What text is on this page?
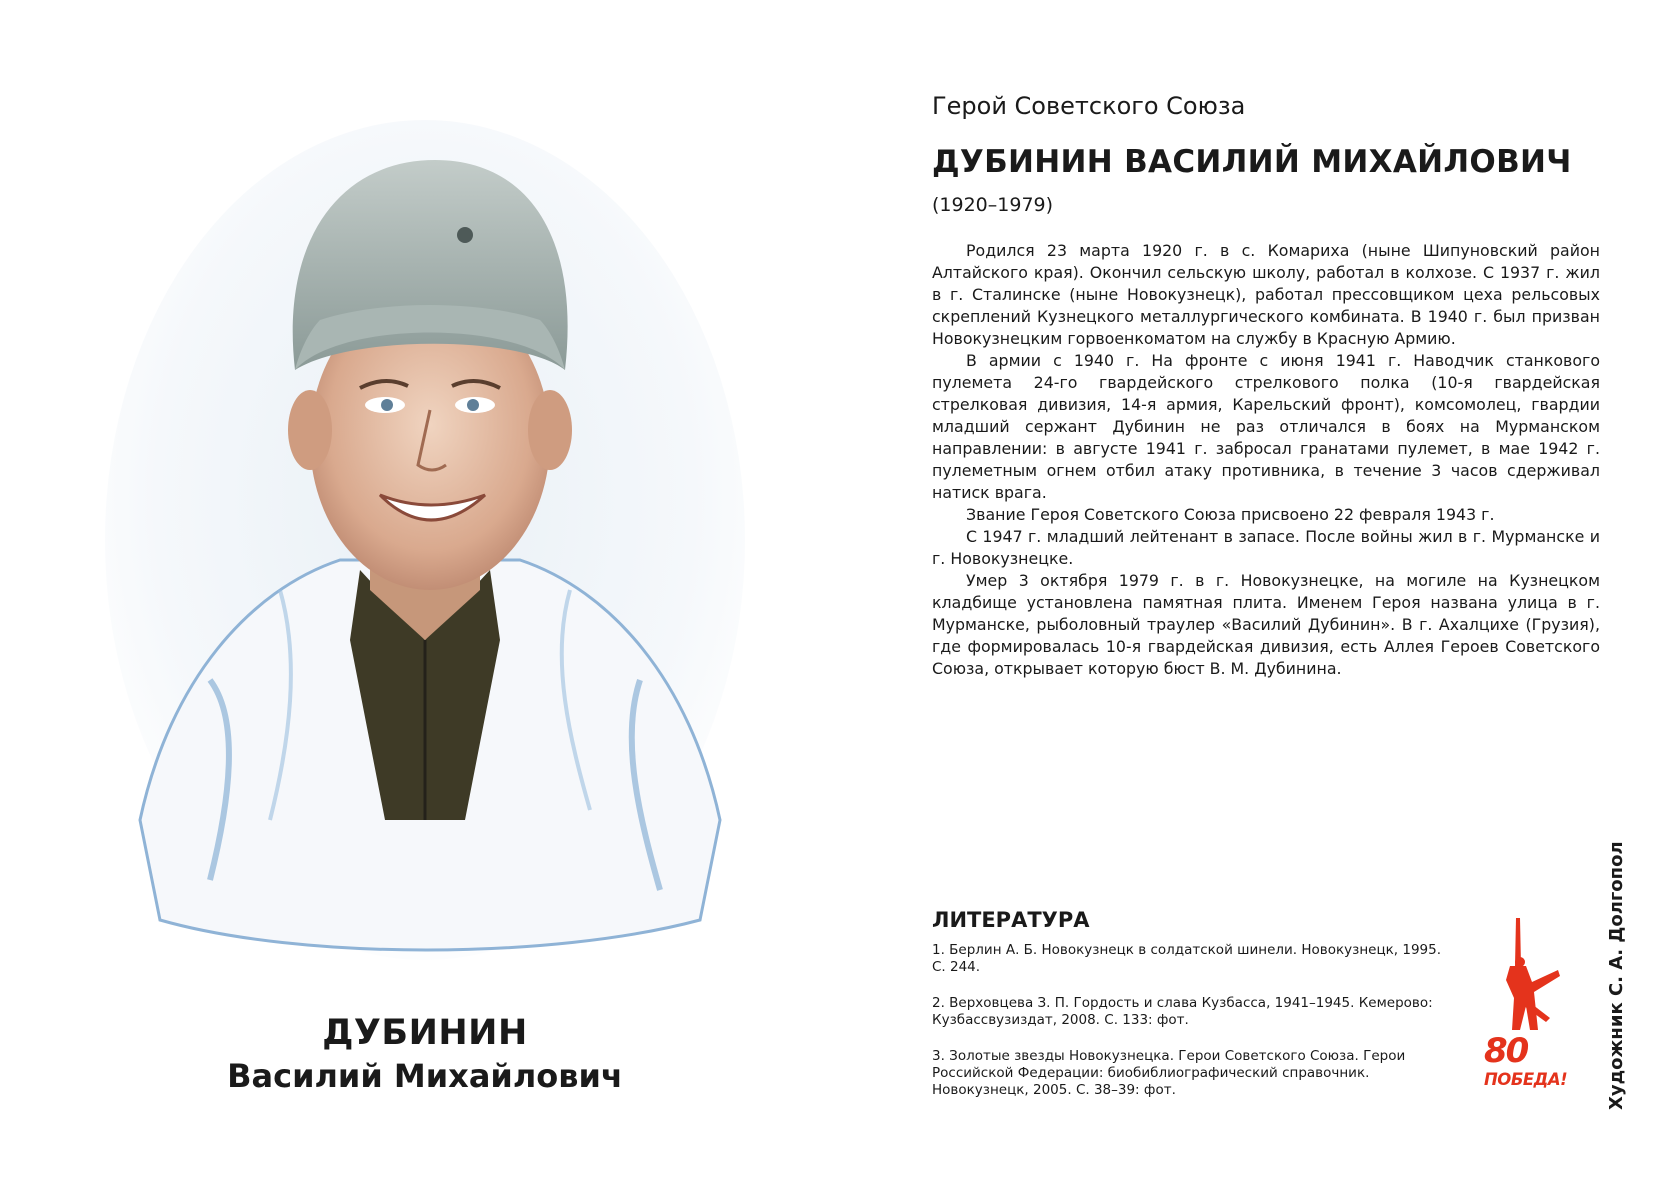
ДУБИНИН
Василий Михайлович
Герой Советского Союза
ДУБИНИН ВАСИЛИЙ МИХАЙЛОВИЧ
(1920–1979)

Родился 23 марта 1920 г. в с. Комариха (ныне Шипуновский район Алтайского края). Окончил сельскую школу, работал в колхозе. С 1937 г. жил в г. Сталинске (ныне Новокузнецк), работал прессовщиком цеха рельсовых скреплений Кузнецкого металлургического комбината. В 1940 г. был призван Новокузнецким горвоенкоматом на службу в Красную Армию.

В армии с 1940 г. На фронте с июня 1941 г. Наводчик станкового пулемета 24-го гвардейского стрелкового полка (10-я гвардейская стрелковая дивизия, 14-я армия, Карельский фронт), комсомолец, гвардии младший сержант Дубинин не раз отличался в боях на Мурманском направлении: в августе 1941 г. забросал гранатами пулемет, в мае 1942 г. пулеметным огнем отбил атаку противника, в течение 3 часов сдерживал натиск врага.

Звание Героя Советского Союза присвоено 22 февраля 1943 г.

С 1947 г. младший лейтенант в запасе. После войны жил в г. Мурманске и г. Новокузнецке.

Умер 3 октября 1979 г. в г. Новокузнецке, на могиле на Кузнецком кладбище установлена памятная плита. Именем Героя названа улица в г. Мурманске, рыболовный траулер «Василий Дубинин». В г. Ахалцихе (Грузия), где формировалась 10-я гвардейская дивизия, есть Аллея Героев Советского Союза, открывает которую бюст В. М. Дубинина.

ЛИТЕРАТУРА
1. Берлин А. Б. Новокузнецк в солдатской шинели. Новокузнецк, 1995. С. 244.
2. Верховцева З. П. Гордость и слава Кузбасса, 1941–1945. Кемерово: Кузбассвузиздат, 2008. С. 133: фот.
3. Золотые звезды Новокузнецка. Герои Советского Союза. Герои Российской Федерации: биобиблиографический справочник. Новокузнецк, 2005. С. 38–39: фот.
80
ПОБЕДА! Художник С. А. Долгопол
